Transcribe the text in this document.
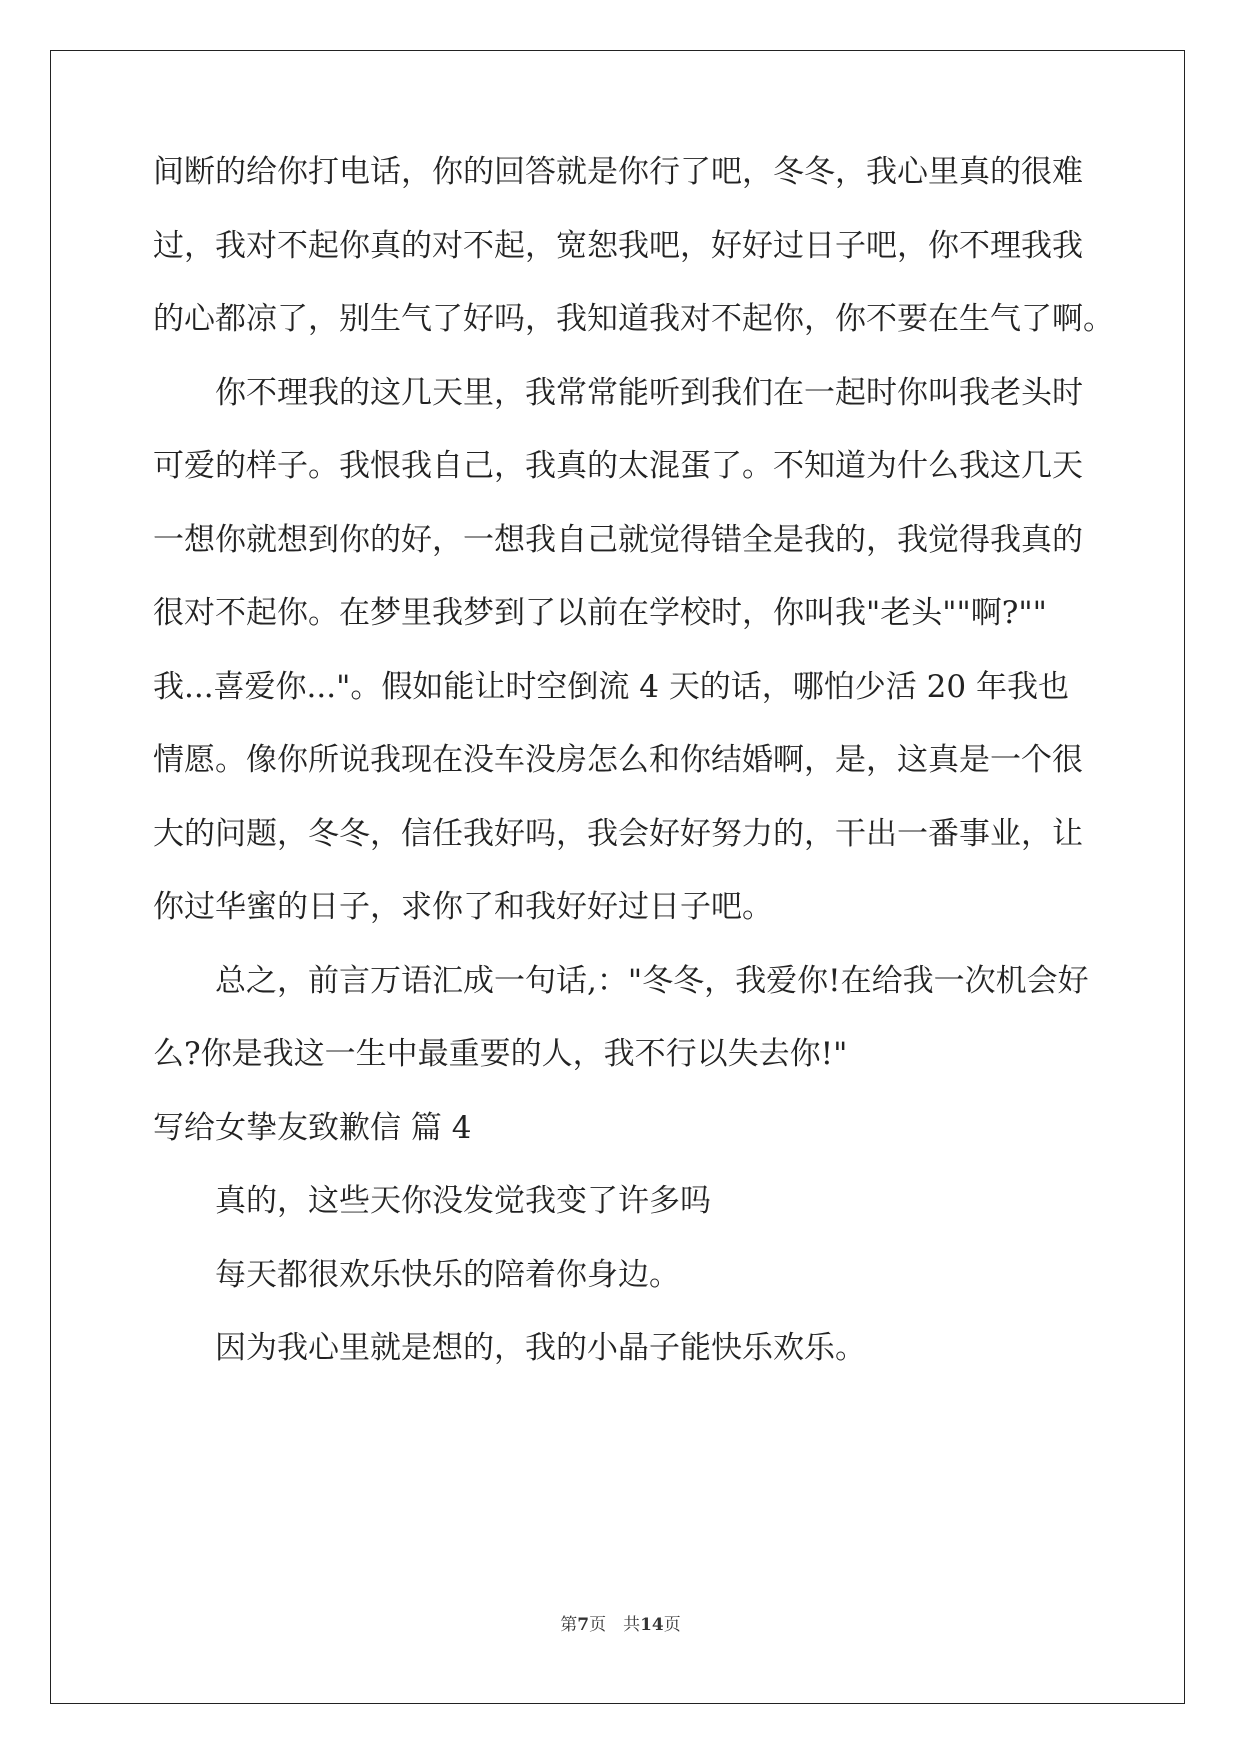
间断的给你打电话，你的回答就是你行了吧，冬冬，我心里真的很难
过，我对不起你真的对不起，宽恕我吧，好好过日子吧，你不理我我
的心都凉了，别生气了好吗，我知道我对不起你，你不要在生气了啊。
你不理我的这几天里，我常常能听到我们在一起时你叫我老头时
可爱的样子。我恨我自己，我真的太混蛋了。不知道为什么我这几天
一想你就想到你的好，一想我自己就觉得错全是我的，我觉得我真的
很对不起你。在梦里我梦到了以前在学校时，你叫我"老头""啊?""
我...喜爱你..."。假如能让时空倒流 4 天的话，哪怕少活 20 年我也
情愿。像你所说我现在没车没房怎么和你结婚啊，是，这真是一个很
大的问题，冬冬，信任我好吗，我会好好努力的，干出一番事业，让
你过华蜜的日子，求你了和我好好过日子吧。
总之，前言万语汇成一句话,："冬冬，我爱你!在给我一次机会好
么?你是我这一生中最重要的人，我不行以失去你!"
写给女挚友致歉信 篇 4
真的，这些天你没发觉我变了许多吗
每天都很欢乐快乐的陪着你身边。
因为我心里就是想的，我的小晶子能快乐欢乐。
第7页　共14页
